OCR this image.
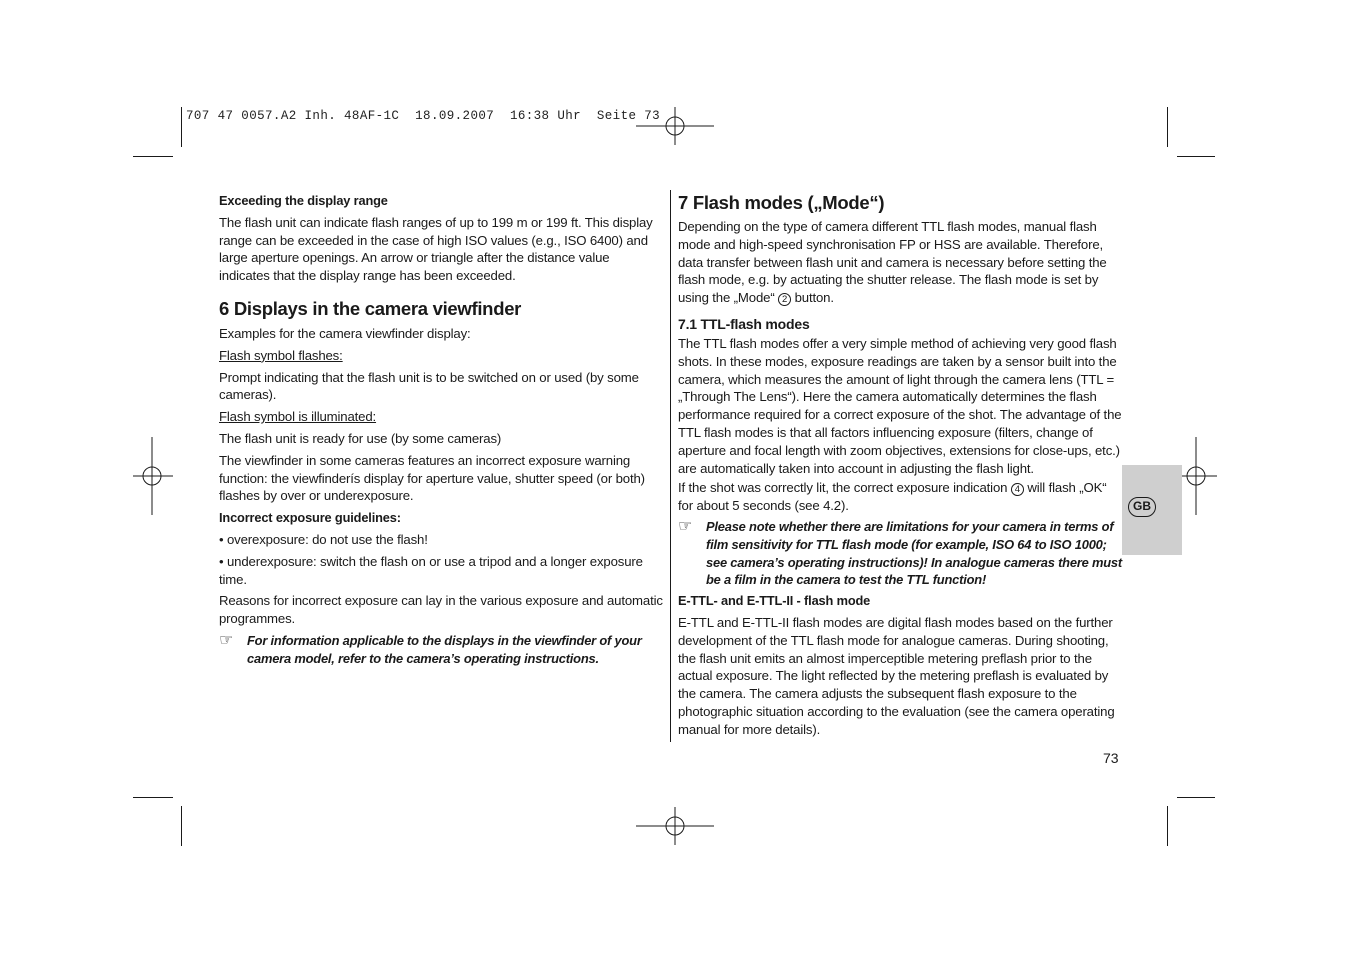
707 47 0057.A2 Inh. 48AF-1C  18.09.2007  16:38 Uhr  Seite 73
Exceeding the display range

The flash unit can indicate flash ranges of up to 199 m or 199 ft. This display range can be exceeded in the case of high ISO values (e.g., ISO 6400) and large aperture openings. An arrow or triangle after the distance value indicates that the display range has been exceeded.

6 Displays in the camera viewfinder

Examples for the camera viewfinder display:

Flash symbol flashes:

Prompt indicating that the flash unit is to be switched on or used (by some cameras).

Flash symbol is illuminated:

The flash unit is ready for use (by some cameras)

The viewfinder in some cameras features an incorrect exposure warning function: the viewfinderís display for aperture value, shutter speed (or both) flashes by over or underexposure.

Incorrect exposure guidelines:

• overexposure: do not use the flash!

• underexposure: switch the flash on or use a tripod and a longer exposure time.

Reasons for incorrect exposure can lay in the various exposure and automatic programmes.

☞	For information applicable to the displays in the viewfinder of your camera model, refer to the camera’s operating instructions.
7 Flash modes („Mode“)

Depending on the type of camera different TTL flash modes, manual flash mode and high-speed synchronisation FP or HSS are available. Therefore, data transfer between flash unit and camera is necessary before setting the flash mode, e.g. by actuating the shutter release. The flash mode is set by using the „Mode“ 2 button.

7.1 TTL-flash modes

The TTL flash modes offer a very simple method of achieving very good flash shots. In these modes, exposure readings are taken by a sensor built into the camera, which measures the amount of light through the camera lens (TTL = „Through The Lens“). Here the camera automatically determines the flash performance required for a correct exposure of the shot. The advantage of the TTL flash modes is that all factors influencing exposure (filters, change of aperture and focal length with zoom objectives, extensions for close-ups, etc.) are automatically taken into account in adjusting the flash light.

If the shot was correctly lit, the correct exposure indication 4 will flash „OK“ for about 5 seconds (see 4.2).

☞	Please note whether there are limitations for your camera in terms of film sensitivity for TTL flash mode (for example, ISO 64 to ISO 1000; see camera’s operating instructions)! In analogue cameras there must be a film in the camera to test the TTL function!
E-TTL- and E-TTL-II - flash mode

E-TTL and E-TTL-II flash modes are digital flash modes based on the further development of the TTL flash mode for analogue cameras. During shooting, the flash unit emits an almost imperceptible metering preflash prior to the actual exposure. The light reflected by the metering preflash is evaluated by the camera. The camera adjusts the subsequent flash exposure to the photographic situation according to the evaluation (see the camera operating manual for more details).

GB
73
